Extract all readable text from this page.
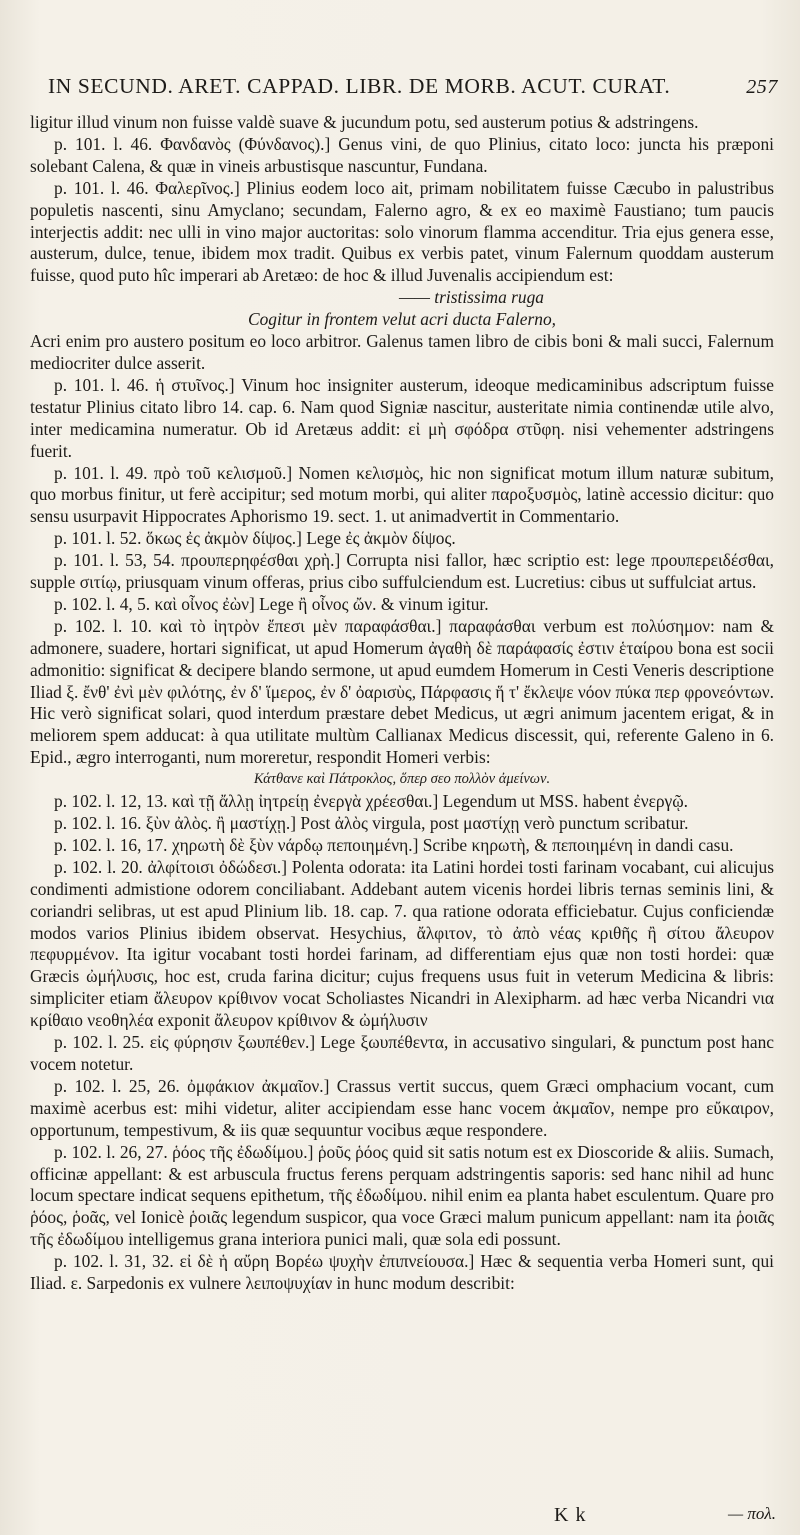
IN SECUND. ARET. CAPPAD. LIBR. DE MORB. ACUT. CURAT.	257

ligitur illud vinum non fuisse valdè suave & jucundum potu, sed austerum potius & adstringens.

p. 101. l. 46. Φανδανὸς (Φύνδανος).] Genus vini, de quo Plinius, citato loco: juncta his præponi solebant Calena, & quæ in vineis arbustisque nascuntur, Fundana.

p. 101. l. 46. Φαλερῖνος.] Plinius eodem loco ait, primam nobilitatem fuisse Cæcubo in palustribus populetis nascenti, sinu Amyclano; secundam, Falerno agro, & ex eo maximè Faustiano; tum paucis interjectis addit: nec ulli in vino major auctoritas: solo vinorum flamma accenditur. Tria ejus genera esse, austerum, dulce, tenue, ibidem mox tradit. Quibus ex verbis patet, vinum Falernum quoddam austerum fuisse, quod puto hîc imperari ab Aretæo: de hoc & illud Juvenalis accipiendum est:

—— tristissima ruga

Cogitur in frontem velut acri ducta Falerno,

Acri enim pro austero positum eo loco arbitror. Galenus tamen libro de cibis boni & mali succi, Falernum mediocriter dulce asserit.

p. 101. l. 46. ἡ στυῖνος.] Vinum hoc insigniter austerum, ideoque medicaminibus adscriptum fuisse testatur Plinius citato libro 14. cap. 6. Nam quod Signiæ nascitur, austeritate nimia continendæ utile alvo, inter medicamina numeratur. Ob id Aretæus addit: εἰ μὴ σφόδρα στῦφη. nisi vehementer adstringens fuerit.

p. 101. l. 49. πρὸ τοῦ κελισμοῦ.] Nomen κελισμὸς, hic non significat motum illum naturæ subitum, quo morbus finitur, ut ferè accipitur; sed motum morbi, qui aliter παροξυσμὸς, latinè accessio dicitur: quo sensu usurpavit Hippocrates Aphorismo 19. sect. 1. ut animadvertit in Commentario.

p. 101. l. 52. ὅκως ἐς ἀκμὸν δίψος.] Lege ἐς ἀκμὸν δίψος.

p. 101. l. 53, 54. προυπερηφέσθαι χρὴ.] Corrupta nisi fallor, hæc scriptio est: lege προυπερειδέσθαι, supple σιτίῳ, priusquam vinum offeras, prius cibo suffulciendum est. Lucretius: cibus ut suffulciat artus.

p. 102. l. 4, 5. καὶ οἶνος ἐὼν] Lege ἢ οἶνος ὤν. & vinum igitur.

p. 102. l. 10. καὶ τὸ ἰητρὸν ἔπεσι μὲν παραφάσθαι.] παραφάσθαι verbum est πολύσημον: nam & admonere, suadere, hortari significat, ut apud Homerum ἀγαθὴ δὲ παράφασίς ἐστιν ἑταίρου bona est socii admonitio: significat & decipere blando sermone, ut apud eumdem Homerum in Cesti Veneris descriptione Iliad ξ. ἔνθ' ἐνὶ μὲν φιλότης, ἐν δ' ἵμερος, ἐν δ' ὀαρισὺς, Πάρφασις ἥ τ' ἔκλεψε νόον πύκα περ φρονεόντων. Hic verò significat solari, quod interdum præstare debet Medicus, ut ægri animum jacentem erigat, & in meliorem spem adducat: à qua utilitate multùm Callianax Medicus discessit, qui, referente Galeno in 6. Epid., ægro interroganti, num moreretur, respondit Homeri verbis:

Κάτθανε καὶ Πάτροκλος, ὅπερ σεο πολλὸν ἀμείνων.

p. 102. l. 12, 13. καὶ τῇ ἄλλῃ ἰητρείῃ ἐνεργὰ χρέεσθαι.] Legendum ut MSS. habent ἐνεργῷ.

p. 102. l. 16. ξὺν ἀλὸς. ἢ μαστίχῃ.] Post ἀλὸς virgula, post μαστίχῃ verò punctum scribatur.

p. 102. l. 16, 17. χηρωτὴ δὲ ξὺν νάρδῳ πεποιημένη.] Scribe κηρωτὴ, & πεποιημένη in dandi casu.

p. 102. l. 20. ἀλφίτοισι ὀδώδεσι.] Polenta odorata: ita Latini hordei tosti farinam vocabant, cui alicujus condimenti admistione odorem conciliabant. Addebant autem vicenis hordei libris ternas seminis lini, & coriandri selibras, ut est apud Plinium lib. 18. cap. 7. qua ratione odorata efficiebatur. Cujus conficiendæ modos varios Plinius ibidem observat. Hesychius, ἄλφιτον, τὸ ἀπὸ νέας κριθῆς ἢ σίτου ἄλευρον πεφυρμένον. Ita igitur vocabant tosti hordei farinam, ad differentiam ejus quæ non tosti hordei: quæ Græcis ὠμήλυσις, hoc est, cruda farina dicitur; cujus frequens usus fuit in veterum Medicina & libris: simpliciter etiam ἄλευρον κρίθινον vocat Scholiastes Nicandri in Alexipharm. ad hæc verba Nicandri νια κρίθαιο νεοθηλέα exponit ἄλευρον κρίθινον & ὠμήλυσιν

p. 102. l. 25. εἰς φύρησιν ξωυπέθεν.] Lege ξωυπέθεντα, in accusativo singulari, & punctum post hanc vocem notetur.

p. 102. l. 25, 26. ὀμφάκιον ἀκμαῖον.] Crassus vertit succus, quem Græci omphacium vocant, cum maximè acerbus est: mihi videtur, aliter accipiendam esse hanc vocem ἀκμαῖον, nempe pro εὔκαιρον, opportunum, tempestivum, & iis quæ sequuntur vocibus æque respondere.

p. 102. l. 26, 27. ῥόος τῆς ἐδωδίμου.] ῥοῦς ῥόος quid sit satis notum est ex Dioscoride & aliis. Sumach, officinæ appellant: & est arbuscula fructus ferens perquam adstringentis saporis: sed hanc nihil ad hunc locum spectare indicat sequens epithetum, τῆς ἐδωδίμου. nihil enim ea planta habet esculentum. Quare pro ῥόος, ῥοᾶς, vel Ionicè ῥοιᾶς legendum suspicor, qua voce Græci malum punicum appellant: nam ita ῥοιᾶς τῆς ἐδωδίμου intelligemus grana interiora punici mali, quæ sola edi possunt.

p. 102. l. 31, 32. εἰ δὲ ἡ αὔρη Βορέω ψυχὴν ἐπιπνείουσα.] Hæc & sequentia verba Homeri sunt, qui Iliad. ε. Sarpedonis ex vulnere λειποψυχίαν in hunc modum describit:

K k	— πολ.
